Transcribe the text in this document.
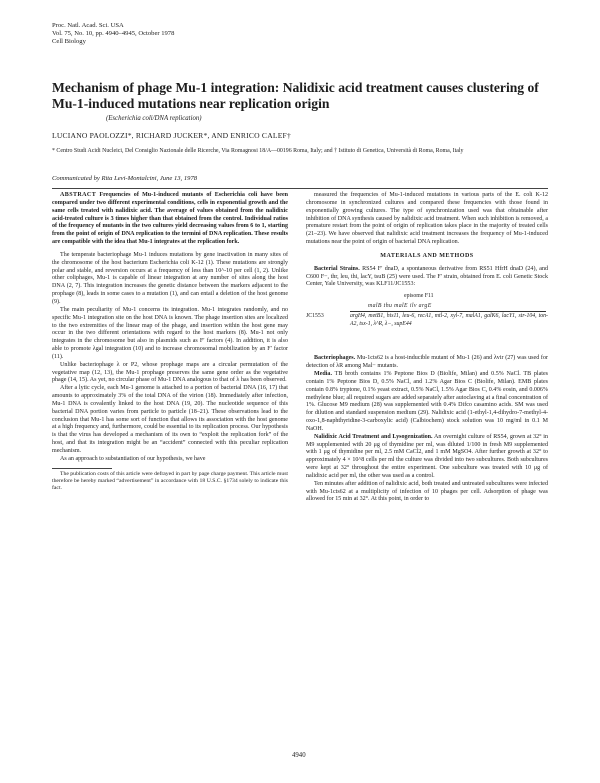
Proc. Natl. Acad. Sci. USA
Vol. 75, No. 10, pp. 4940–4945, October 1978
Cell Biology
Mechanism of phage Mu-1 integration: Nalidixic acid treatment causes clustering of Mu-1-induced mutations near replication origin
(Escherichia coli/DNA replication)
LUCIANO PAOLOZZI*, RICHARD JUCKER*, AND ENRICO CALEF†
* Centro Studi Acidi Nucleici, Del Consiglio Nazionale delle Ricerche, Via Romagnosi 18/A—00196 Roma, Italy; and † Istituto di Genetica, Università di Roma, Roma, Italy
Communicated by Rita Levi-Montalcini, June 13, 1978

ABSTRACT Frequencies of Mu-1-induced mutants of Escherichia coli have been compared under two different experimental conditions, cells in exponential growth and the same cells treated with nalidixic acid. The average of values obtained from the nalidixic acid-treated culture is 3 times higher than that obtained from the control. Individual ratios of the frequency of mutants in the two cultures yield decreasing values from 6 to 1, starting from the point of origin of DNA replication to the termini of DNA replication. These results are compatible with the idea that Mu-1 integrates at the replication fork.

The temperate bacteriophage Mu-1 induces mutations by gene inactivation in many sites of the chromosome of the host bacterium Escherichia coli K-12 (1). These mutations are strongly polar and stable, and reversion occurs at a frequency of less than 10^-10 per cell (1, 2). Unlike other coliphages, Mu-1 is capable of linear integration at any number of sites along the host DNA (2, 7). This integration increases the genetic distance between the markers adjacent to the prophage (8), leads in some cases to a mutation (1), and can entail a deletion of the host genome (9).

The main peculiarity of Mu-1 concerns its integration. Mu-1 integrates randomly, and no specific Mu-1 integration site on the host DNA is known. The phage insertion sites are localized to the two extremities of the linear map of the phage, and insertion within the host gene may occur in the two different orientations with regard to the host markers (8). Mu-1 not only integrates in the chromosome but also in plasmids such as F′ factors (4). In addition, it is also able to promote λgal integration (10) and to increase chromosomal mobilization by an F′ factor (11).

Unlike bacteriophage λ or P2, whose prophage maps are a circular permutation of the vegetative map (12, 13), the Mu-1 prophage preserves the same gene order as the vegetative phage (14, 15). As yet, no circular phase of Mu-1 DNA analogous to that of λ has been observed.

After a lytic cycle, each Mu-1 genome is attached to a portion of bacterial DNA (16, 17) that amounts to approximately 3% of the total DNA of the virion (18). Immediately after infection, Mu-1 DNA is covalently linked to the host DNA (19, 20). The nucleotide sequence of this bacterial DNA portion varies from particle to particle (18–21). These observations lead to the conclusion that Mu-1 has some sort of function that allows its association with the host genome at a high frequency and, furthermore, could be essential to its replication process. Our hypothesis is that the virus has developed a mechanism of its own to “exploit the replication fork” of the host, and that its integration might be an “accident” connected with this peculiar replication mechanism.

As an approach to substantiation of our hypothesis, we have

The publication costs of this article were defrayed in part by page charge payment. This article must therefore be hereby marked “advertisement” in accordance with 18 U.S.C. §1734 solely to indicate this fact.

measured the frequencies of Mu-1-induced mutations in various parts of the E. coli K-12 chromosome in synchronized cultures and compared these frequencies with those found in exponentially growing cultures. The type of synchronization used was that obtainable after inhibition of DNA synthesis caused by nalidixic acid treatment. When such inhibition is removed, a premature restart from the point of origin of replication takes place in the majority of treated cells (21–23). We have observed that nalidixic acid treatment increases the frequency of Mu-1-induced mutations near the point of origin of bacterial DNA replication.

MATERIALS AND METHODS

Bacterial Strains. RS54 F′ dnaD, a spontaneous derivative from RS51 HfrH dnaD (24), and C600 F−, thr, leu, thi, lacY, tsuB (25) were used. The F′ strain, obtained from E. coli Genetic Stock Center, Yale University, was KLF11/JC1553:

episome F11
malB thu malE ilv argE
JC1553	argH4, metB1, his11, leu-6, recA1, mtl-2, xyl-7, malA1, galK6, lacY1, str-104, ton-A2, tsx-1, λ^R, λ−, supE44

Bacteriophages. Mu-1cts62 is a host-inducible mutant of Mu-1 (26) and λvir (27) was used for detection of λR among Mal− mutants.

Media. TB broth contains 1% Peptone Bios D (Biolife, Milan) and 0.5% NaCl. TB plates contain 1% Peptone Bios D, 0.5% NaCl, and 1.2% Agar Bios C (Biolife, Milan). EMB plates contain 0.8% tryptone, 0.1% yeast extract, 0.5% NaCl, 1.5% Agar Bios C, 0.4% eosin, and 0.006% methylene blue; all required sugars are added separately after autoclaving at a final concentration of 1%. Glucose M9 medium (28) was supplemented with 0.4% Difco casamino acids. SM was used for dilution and standard suspension medium (29). Nalidixic acid (1-ethyl-1,4-dihydro-7-methyl-4-oxo-1,8-naphthyridine-3-carboxylic acid) (Calbiochem) stock solution was 10 mg/ml in 0.1 M NaOH.

Nalidixic Acid Treatment and Lysogenization. An overnight culture of RS54, grown at 32° in M9 supplemented with 20 μg of thymidine per ml, was diluted 1/100 in fresh M9 supplemented with 1 μg of thymidine per ml, 2.5 mM CaCl2, and 1 mM MgSO4. After further growth at 32° to approximately 4 × 10^8 cells per ml the culture was divided into two subcultures. Both subcultures were kept at 32° throughout the entire experiment. One subculture was treated with 10 μg of nalidixic acid per ml, the other was used as a control.

Ten minutes after addition of nalidixic acid, both treated and untreated subcultures were infected with Mu-1cts62 at a multiplicity of infection of 10 phages per cell. Adsorption of phage was allowed for 15 min at 32°. At this point, in order to

4940
